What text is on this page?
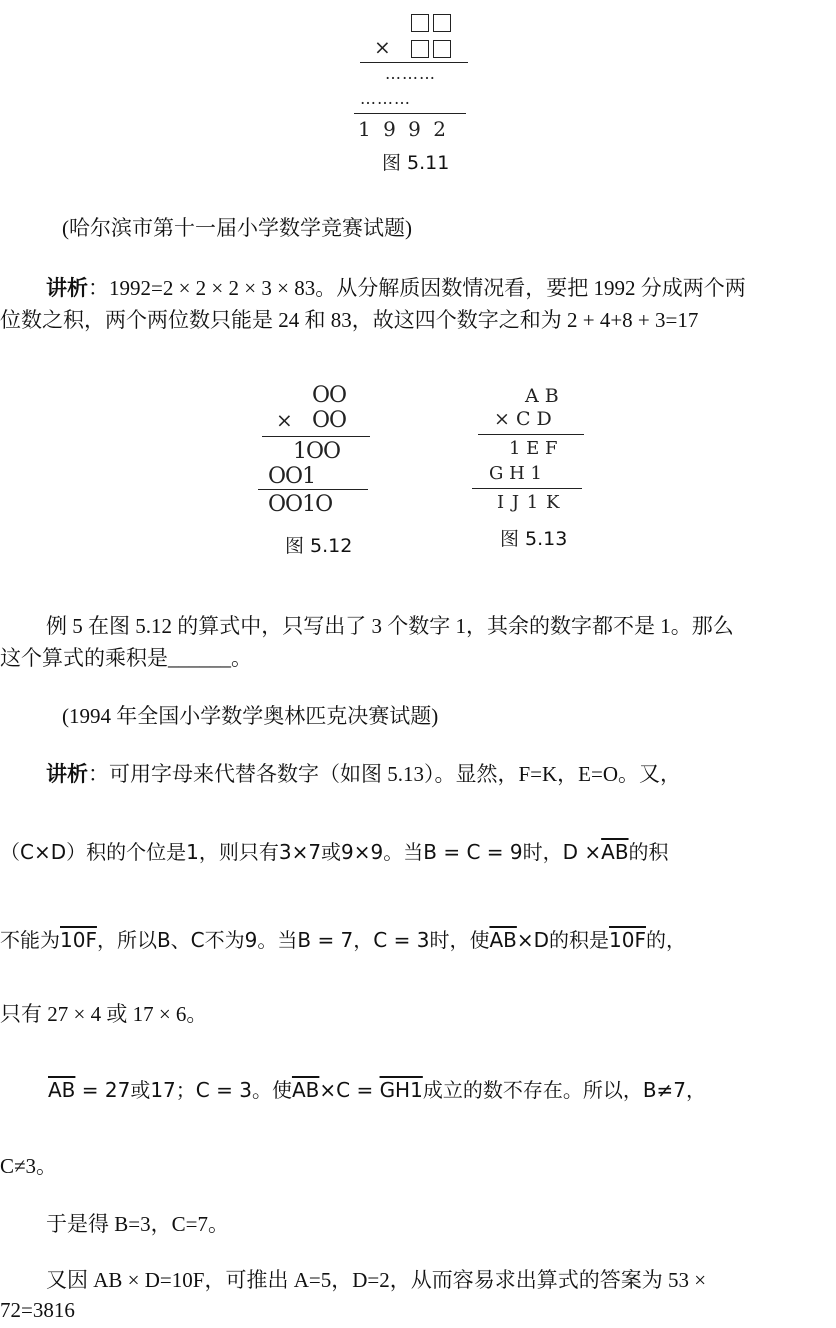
×
………
………
1 9 9 2
图 5.11
(哈尔滨市第十一届小学数学竞赛试题)
讲析：1992=2 × 2 × 2 × 3 × 83。从分解质因数情况看，要把 1992 分成两个两
位数之积，两个两位数只能是 24 和 83，故这四个数字之和为 2 + 4+8 + 3=17
OO
× OO
1OO
OO1
OO1O
图 5.12
A B
× C D
1 E F
G H 1
I J 1 K
图 5.13
例 5 在图 5.12 的算式中，只写出了 3 个数字 1，其余的数字都不是 1。那么
这个算式的乘积是______。
(1994 年全国小学数学奥林匹克决赛试题)
讲析：可用字母来代替各数字（如图 5.13）。显然，F=K，E=O。又，
（C×D）积的个位是1，则只有3×7或9×9。当B = C = 9时，$D \times\overline{AB}$的积
不能为10F，所以B、C不为9。当B = 7，C = 3时，使$\overline{AB}\times D$的积是10F的，
只有 27 × 4 或 17 × 6。
$\overline{AB} = 27$或17；C = 3。使$\overline{AB}\times C = GH1$成立的数不存在。所以，B≠7，
C≠3。
于是得 B=3，C=7。
又因 AB × D=10F，可推出 A=5，D=2，从而容易求出算式的答案为 53 ×
72=3816
